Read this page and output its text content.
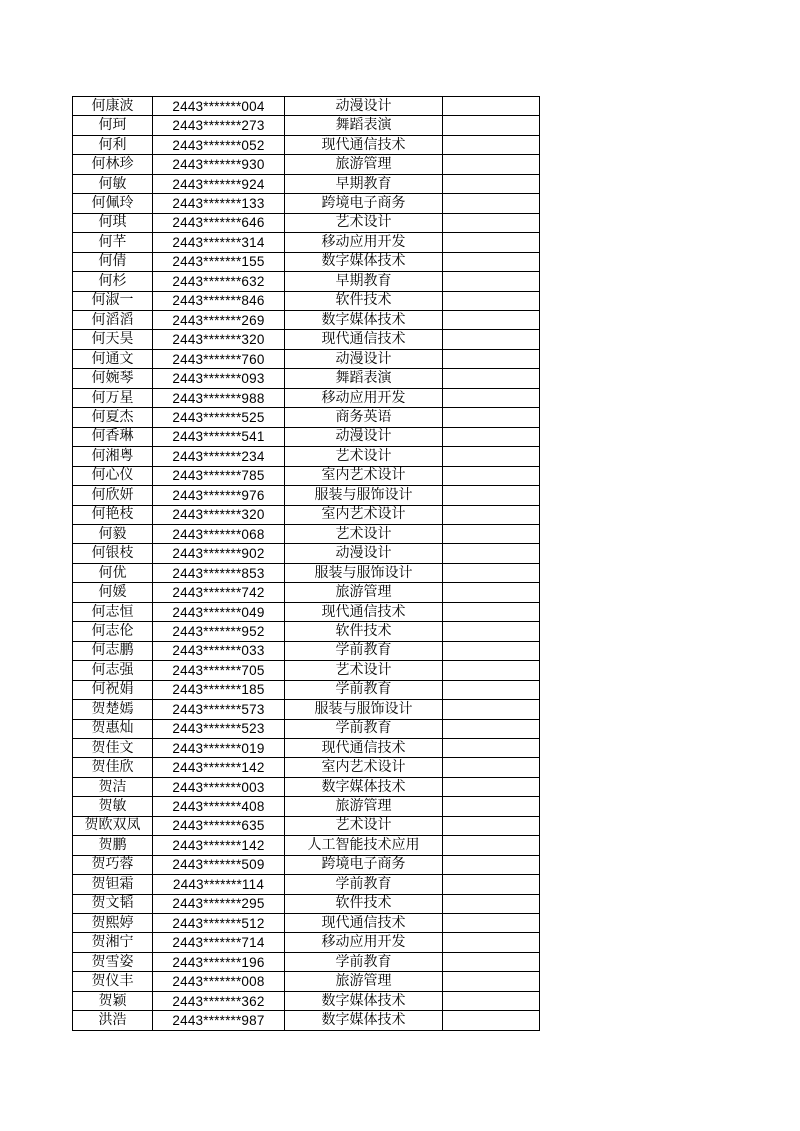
何康波	2443*******004	动漫设计	
何珂	2443*******273	舞蹈表演	
何利	2443*******052	现代通信技术	
何林珍	2443*******930	旅游管理	
何敏	2443*******924	早期教育	
何佩玲	2443*******133	跨境电子商务	
何琪	2443*******646	艺术设计	
何芊	2443*******314	移动应用开发	
何倩	2443*******155	数字媒体技术	
何杉	2443*******632	早期教育	
何淑一	2443*******846	软件技术	
何滔滔	2443*******269	数字媒体技术	
何天昊	2443*******320	现代通信技术	
何通文	2443*******760	动漫设计	
何婉琴	2443*******093	舞蹈表演	
何万星	2443*******988	移动应用开发	
何夏杰	2443*******525	商务英语	
何香琳	2443*******541	动漫设计	
何湘粤	2443*******234	艺术设计	
何心仪	2443*******785	室内艺术设计	
何欣妍	2443*******976	服装与服饰设计	
何艳枝	2443*******320	室内艺术设计	
何毅	2443*******068	艺术设计	
何银枝	2443*******902	动漫设计	
何优	2443*******853	服装与服饰设计	
何媛	2443*******742	旅游管理	
何志恒	2443*******049	现代通信技术	
何志伦	2443*******952	软件技术	
何志鹏	2443*******033	学前教育	
何志强	2443*******705	艺术设计	
何祝娟	2443*******185	学前教育	
贺楚嫣	2443*******573	服装与服饰设计	
贺惠灿	2443*******523	学前教育	
贺佳文	2443*******019	现代通信技术	
贺佳欣	2443*******142	室内艺术设计	
贺洁	2443*******003	数字媒体技术	
贺敏	2443*******408	旅游管理	
贺欧双凤	2443*******635	艺术设计	
贺鹏	2443*******142	人工智能技术应用	
贺巧蓉	2443*******509	跨境电子商务	
贺钽霜	2443*******114	学前教育	
贺文韬	2443*******295	软件技术	
贺熙婷	2443*******512	现代通信技术	
贺湘宁	2443*******714	移动应用开发	
贺雪姿	2443*******196	学前教育	
贺仪丰	2443*******008	旅游管理	
贺颖	2443*******362	数字媒体技术	
洪浩	2443*******987	数字媒体技术	
